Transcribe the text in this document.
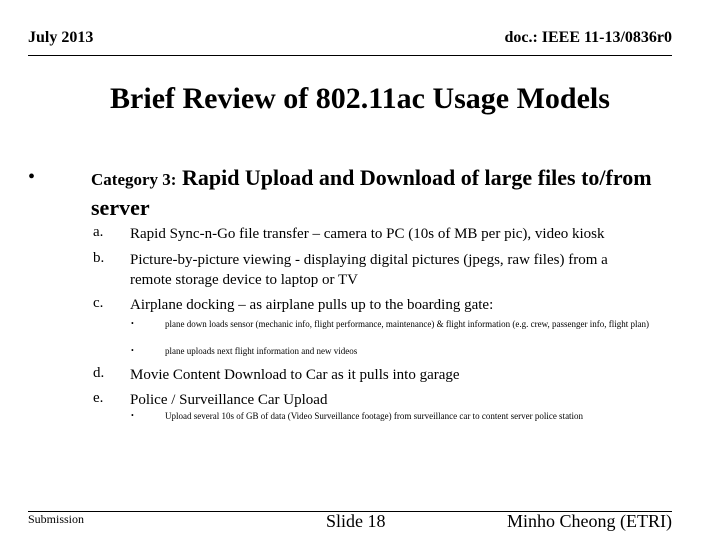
July 2013	doc.: IEEE 11-13/0836r0
Brief Review of 802.11ac Usage Models
•	Category 3: Rapid Upload and Download of large files to/from server
a. Rapid Sync-n-Go file transfer – camera to PC (10s of MB per pic), video kiosk
b. Picture-by-picture viewing - displaying digital pictures (jpegs, raw files) from a remote storage device to laptop or TV
c. Airplane docking – as airplane pulls up to the boarding gate:
•	plane down loads sensor (mechanic info, flight performance, maintenance) & flight information (e.g. crew, passenger info, flight plan)
•	plane uploads next flight information and new videos
d. Movie Content Download to Car as it pulls into garage
e. Police / Surveillance Car Upload
•	Upload several 10s of GB of data (Video Surveillance footage) from surveillance car to content server police station
Submission	Slide 18	Minho Cheong (ETRI)
